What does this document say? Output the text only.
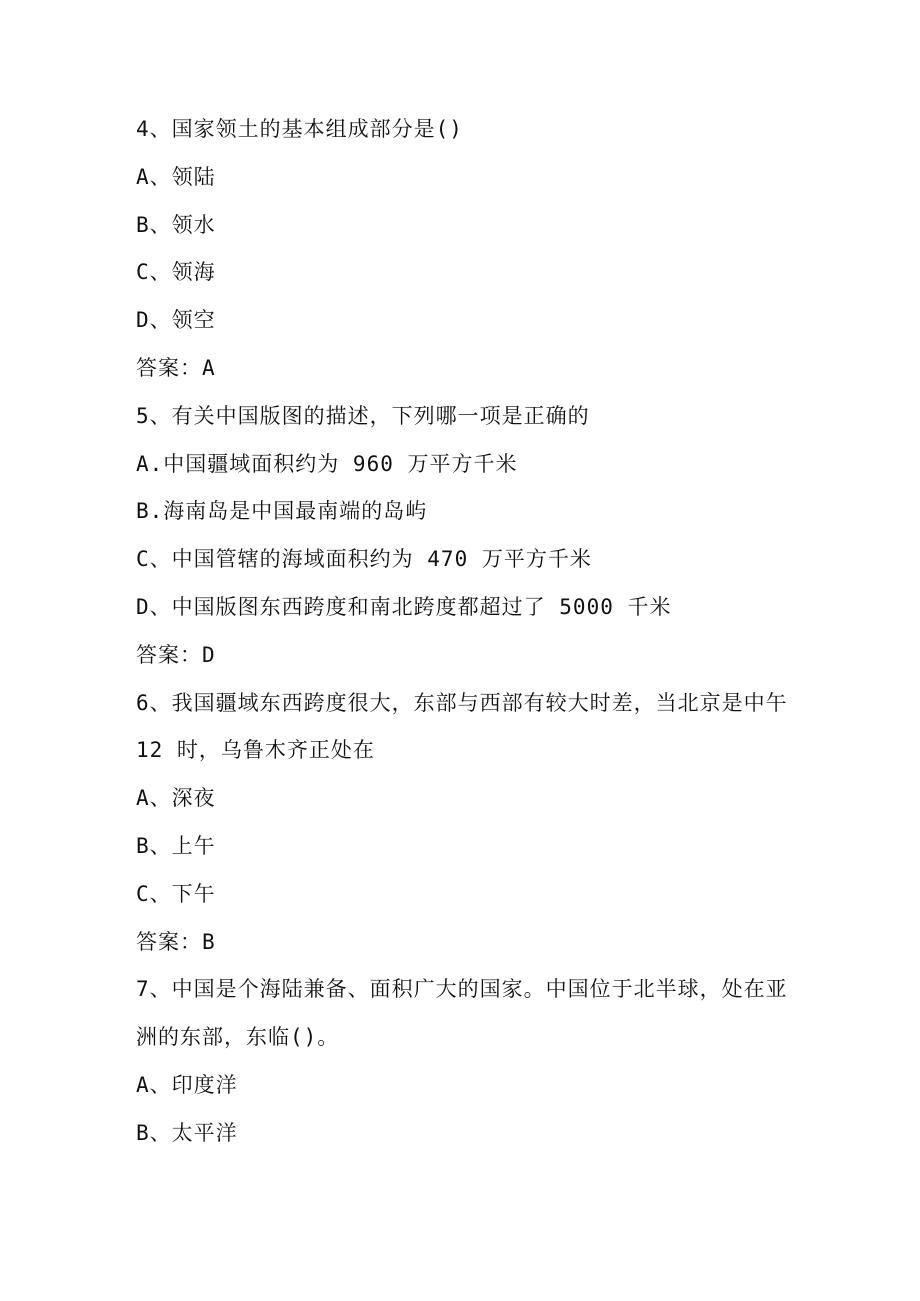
4、国家领土的基本组成部分是()
A、领陆
B、领水
C、领海
D、领空
答案：A
5、有关中国版图的描述，下列哪一项是正确的
A.中国疆域面积约为 960 万平方千米
B.海南岛是中国最南端的岛屿
C、中国管辖的海域面积约为 470 万平方千米
D、中国版图东西跨度和南北跨度都超过了 5000 千米
答案：D
6、我国疆域东西跨度很大，东部与西部有较大时差，当北京是中午
12 时，乌鲁木齐正处在
A、深夜
B、上午
C、下午
答案：B
7、中国是个海陆兼备、面积广大的国家。中国位于北半球，处在亚
洲的东部，东临()。
A、印度洋
B、太平洋
